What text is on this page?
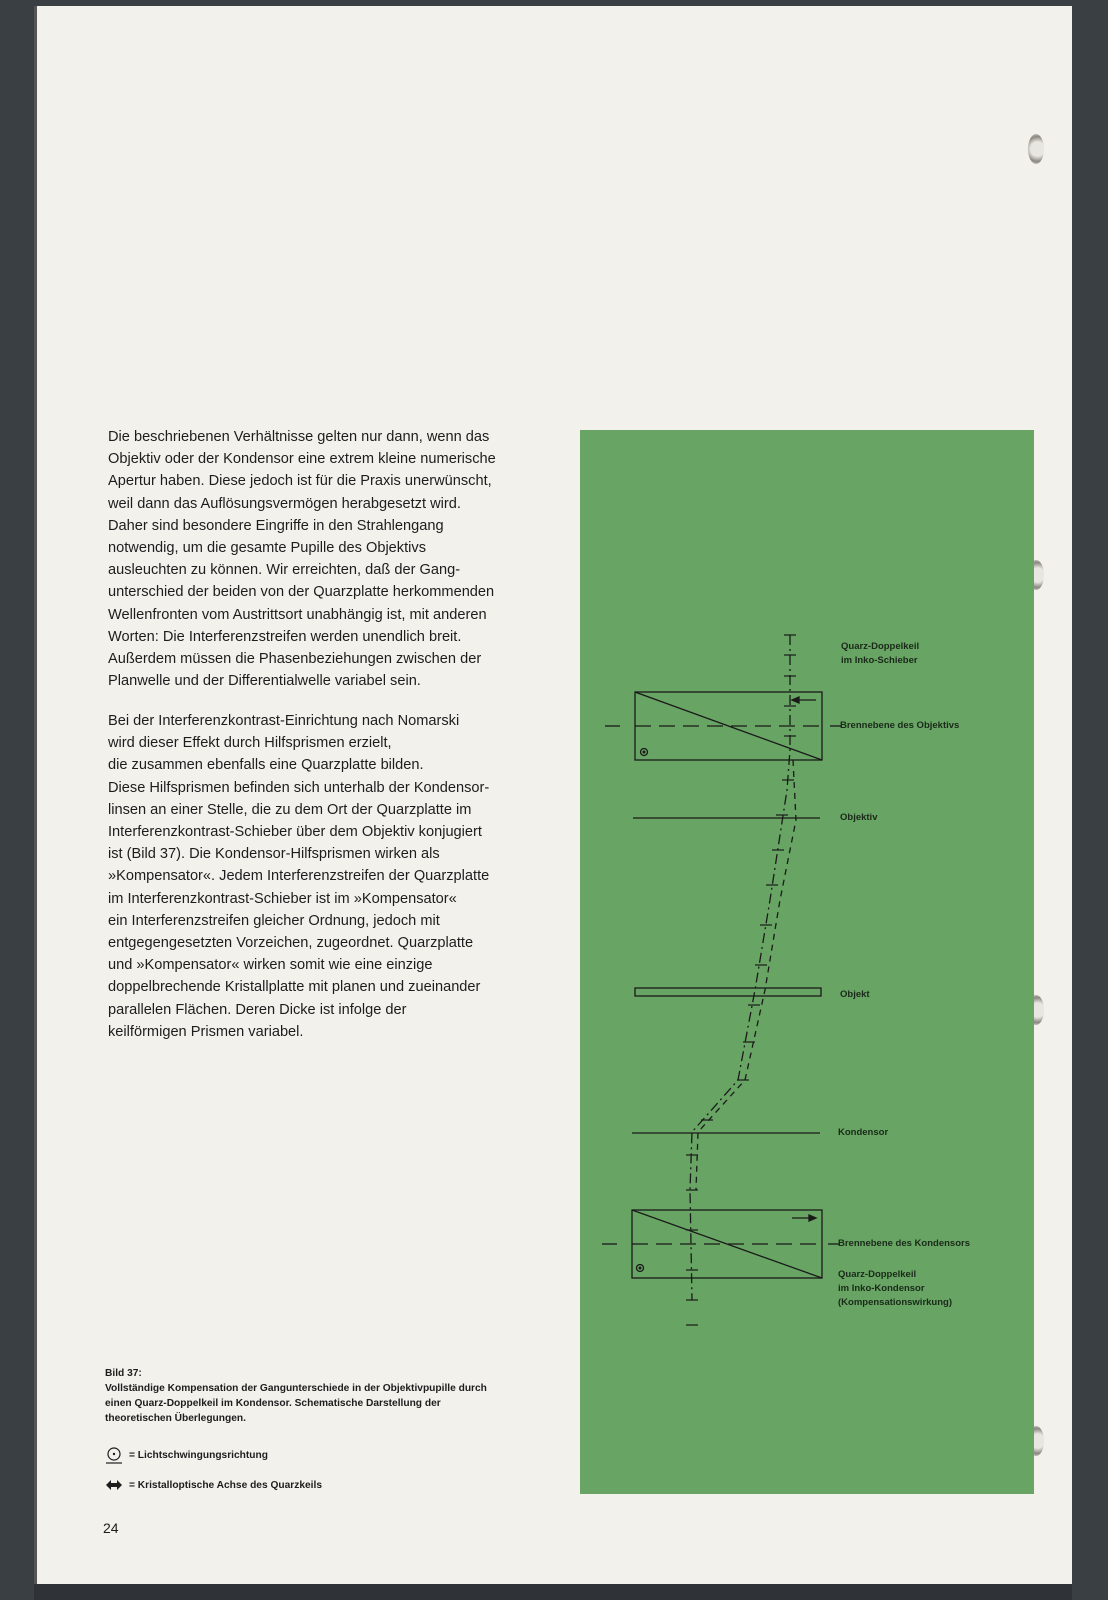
Die beschriebenen Verhältnisse gelten nur dann, wenn das

Objektiv oder der Kondensor eine extrem kleine numerische

Apertur haben. Diese jedoch ist für die Praxis unerwünscht,

weil dann das Auflösungsvermögen herabgesetzt wird.

Daher sind besondere Eingriffe in den Strahlengang

notwendig, um die gesamte Pupille des Objektivs

ausleuchten zu können. Wir erreichten, daß der Gang-

unterschied der beiden von der Quarzplatte herkommenden

Wellenfronten vom Austrittsort unabhängig ist, mit anderen

Worten: Die Interferenzstreifen werden unendlich breit.

Außerdem müssen die Phasenbeziehungen zwischen der

Planwelle und der Differentialwelle variabel sein.

Bei der Interferenzkontrast-Einrichtung nach Nomarski

wird dieser Effekt durch Hilfsprismen erzielt,

die zusammen ebenfalls eine Quarzplatte bilden.

Diese Hilfsprismen befinden sich unterhalb der Kondensor-

linsen an einer Stelle, die zu dem Ort der Quarzplatte im

Interferenzkontrast-Schieber über dem Objektiv konjugiert

ist (Bild 37). Die Kondensor-Hilfsprismen wirken als

»Kompensator«. Jedem Interferenzstreifen der Quarzplatte

im Interferenzkontrast-Schieber ist im »Kompensator«

ein Interferenzstreifen gleicher Ordnung, jedoch mit

entgegengesetzten Vorzeichen, zugeordnet. Quarzplatte

und »Kompensator« wirken somit wie eine einzige

doppelbrechende Kristallplatte mit planen und zueinander

parallelen Flächen. Deren Dicke ist infolge der

keilförmigen Prismen variabel.

Quarz-Doppelkeil
im Inko-Schieber
Brennebene des Objektivs
Objektiv
Objekt
Kondensor
Brennebene des Kondensors
Quarz-Doppelkeil
im Inko-Kondensor
(Kompensationswirkung)
Bild 37:
Vollständige Kompensation der Gangunterschiede in der Objektivpupille durch
einen Quarz-Doppelkeil im Kondensor. Schematische Darstellung der
theoretischen Überlegungen.
= Lichtschwingungsrichtung
= Kristalloptische Achse des Quarzkeils
24
